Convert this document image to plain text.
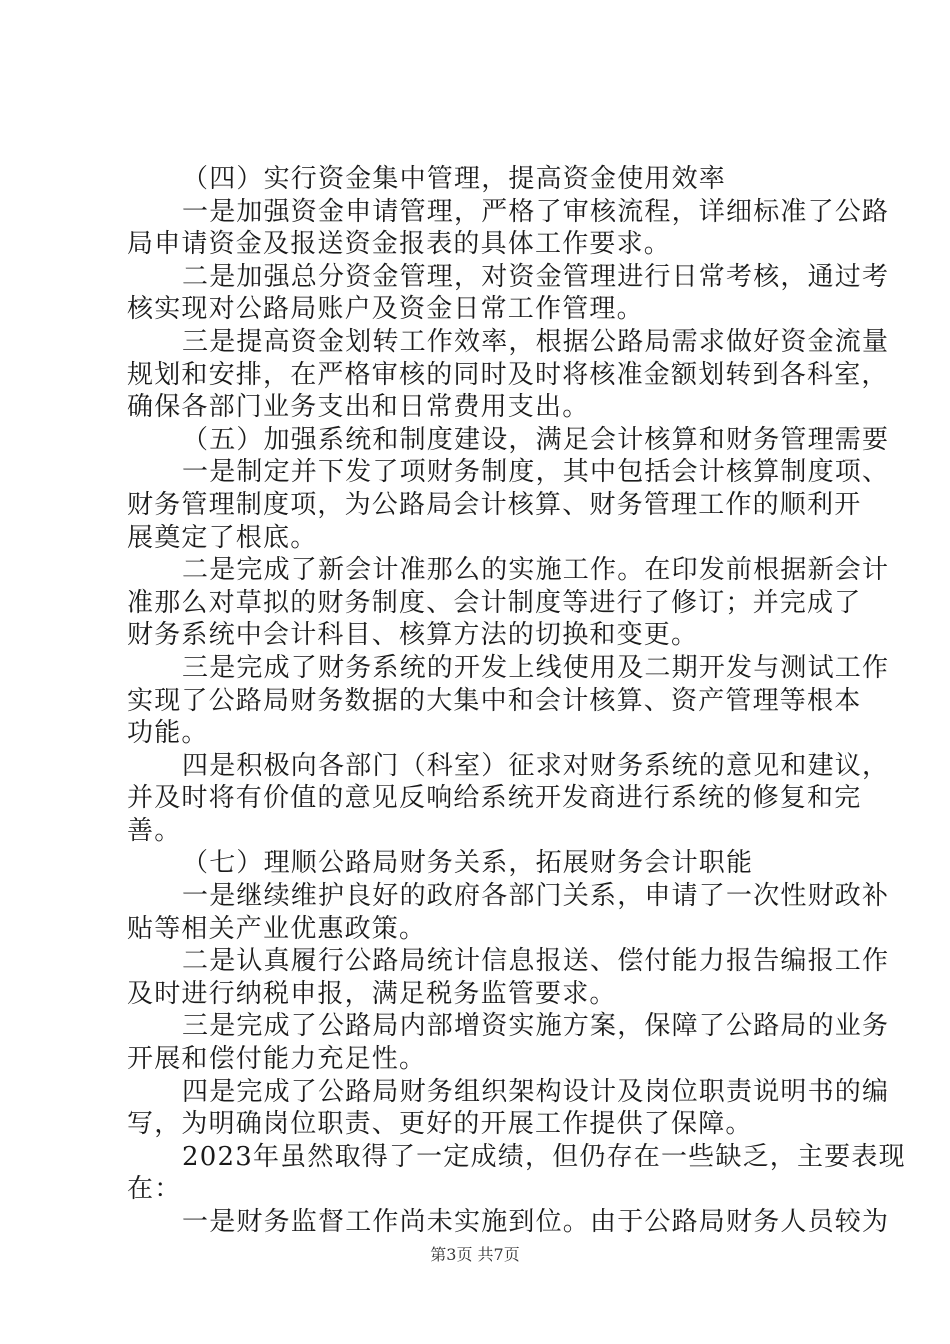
（四）实行资金集中管理，提高资金使用效率
一是加强资金申请管理，严格了审核流程，详细标准了公路
局申请资金及报送资金报表的具体工作要求。
二是加强总分资金管理，对资金管理进行日常考核，通过考
核实现对公路局账户及资金日常工作管理。
三是提高资金划转工作效率，根据公路局需求做好资金流量
规划和安排，在严格审核的同时及时将核准金额划转到各科室，
确保各部门业务支出和日常费用支出。
（五）加强系统和制度建设，满足会计核算和财务管理需要
一是制定并下发了项财务制度，其中包括会计核算制度项、
财务管理制度项，为公路局会计核算、财务管理工作的顺利开
展奠定了根底。
二是完成了新会计准那么的实施工作。在印发前根据新会计
准那么对草拟的财务制度、会计制度等进行了修订；并完成了
财务系统中会计科目、核算方法的切换和变更。
三是完成了财务系统的开发上线使用及二期开发与测试工作
实现了公路局财务数据的大集中和会计核算、资产管理等根本
功能。
四是积极向各部门（科室）征求对财务系统的意见和建议，
并及时将有价值的意见反响给系统开发商进行系统的修复和完
善。
（七）理顺公路局财务关系，拓展财务会计职能
一是继续维护良好的政府各部门关系，申请了一次性财政补
贴等相关产业优惠政策。
二是认真履行公路局统计信息报送、偿付能力报告编报工作
及时进行纳税申报，满足税务监管要求。
三是完成了公路局内部增资实施方案，保障了公路局的业务
开展和偿付能力充足性。
四是完成了公路局财务组织架构设计及岗位职责说明书的编
写，为明确岗位职责、更好的开展工作提供了保障。
2023年虽然取得了一定成绩，但仍存在一些缺乏，主要表现
在：
一是财务监督工作尚未实施到位。由于公路局财务人员较为
第3页 共7页
